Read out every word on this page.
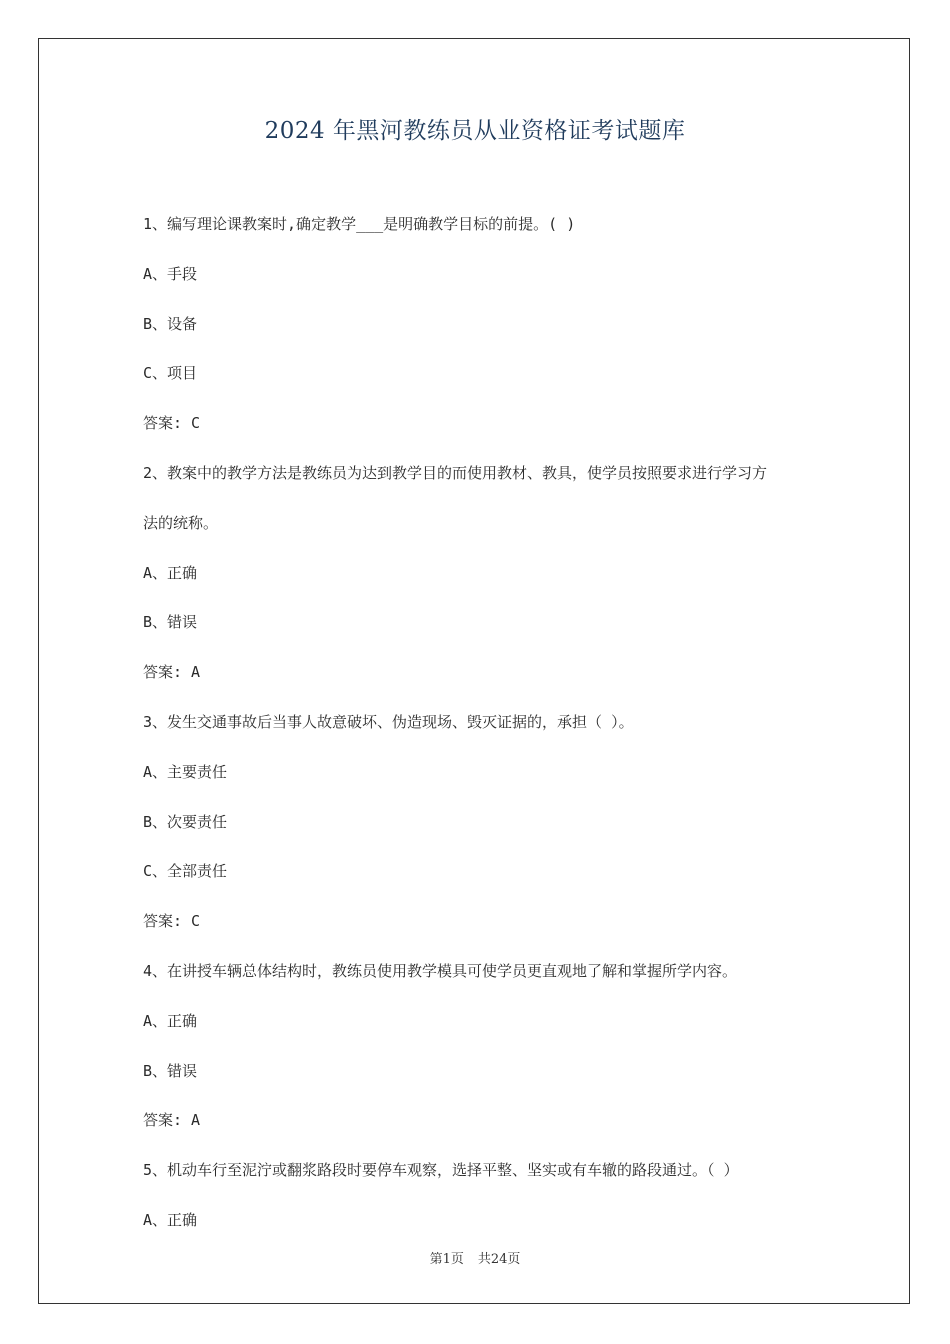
2024 年黑河教练员从业资格证考试题库
1、编写理论课教案时,确定教学___是明确教学目标的前提。( )
A、手段
B、设备
C、项目
答案: C
2、教案中的教学方法是教练员为达到教学目的而使用教材、教具，使学员按照要求进行学习方
法的统称。
A、正确
B、错误
答案: A
3、发生交通事故后当事人故意破坏、伪造现场、毁灭证据的，承担（ ）。
A、主要责任
B、次要责任
C、全部责任
答案: C
4、在讲授车辆总体结构时，教练员使用教学模具可使学员更直观地了解和掌握所学内容。
A、正确
B、错误
答案: A
5、机动车行至泥泞或翻浆路段时要停车观察，选择平整、坚实或有车辙的路段通过。（ ）
A、正确
第1页 共24页
